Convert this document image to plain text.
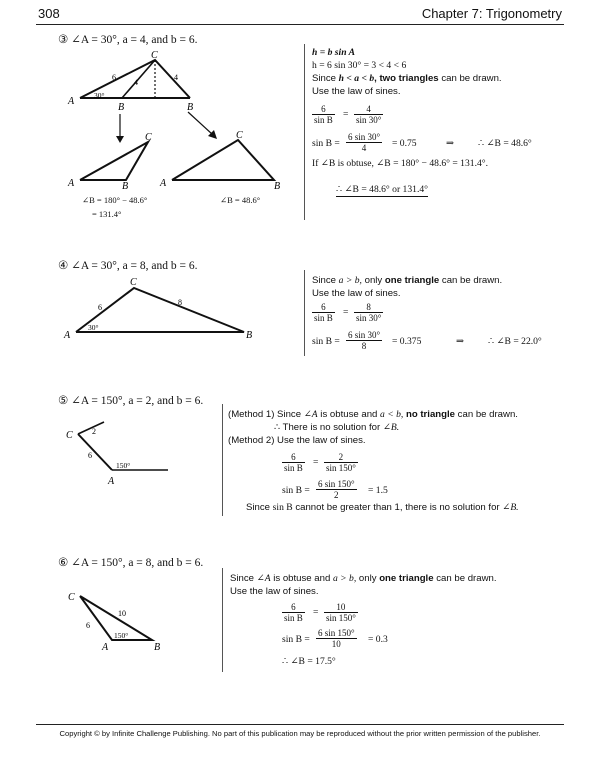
308	Chapter 7: Trigonometry
③ ∠A = 30°, a = 4, and b = 6.
C
A
B	B
6
4
4
30°
C
A	B
C
A	B
∠B = 180° − 48.6°
= 131.4°
∠B = 48.6°
h = b sin A
h = 6 sin 30° = 3 < 4 < 6
Since h < a < b, two triangles can be drawn.
Use the law of sines.
6
sin B =	4
sin 30°
sin B =
6 sin 30°
4	= 0.75	⇒ ∴ ∠B = 48.6°
If ∠B is obtuse, ∠B = 180° − 48.6° = 131.4°.
∴ ∠B = 48.6° or 131.4°
④ ∠A = 30°, a = 8, and b = 6.
C
A	B
6
8
30°
Since a > b, only one triangle can be drawn.
Use the law of sines.
6
sin B =	8
sin 30°
sin B =
6 sin 30°
8	= 0.375	⇒ ∴ ∠B = 22.0°
⑤ ∠A = 150°, a = 2, and b = 6.
C
A
2
6
150°
(Method 1) Since ∠A is obtuse and a < b, no triangle can be drawn.
∴ There is no solution for ∠B.
(Method 2) Use the law of sines.
6
sin B =	2
sin 150°
sin B =
6 sin 150°
2	= 1.5
Since sin B cannot be greater than 1, there is no solution for ∠B.
⑥ ∠A = 150°, a = 8, and b = 6.
C
A	B
6
10
150°
Since ∠A is obtuse and a > b, only one triangle can be drawn.
Use the law of sines.
6
sin B =	10
sin 150°
sin B =
6 sin 150°
10	= 0.3
∴ ∠B = 17.5°
Copyright © by Infinite Challenge Publishing. No part of this publication may be reproduced without the prior written permission of the publisher.
